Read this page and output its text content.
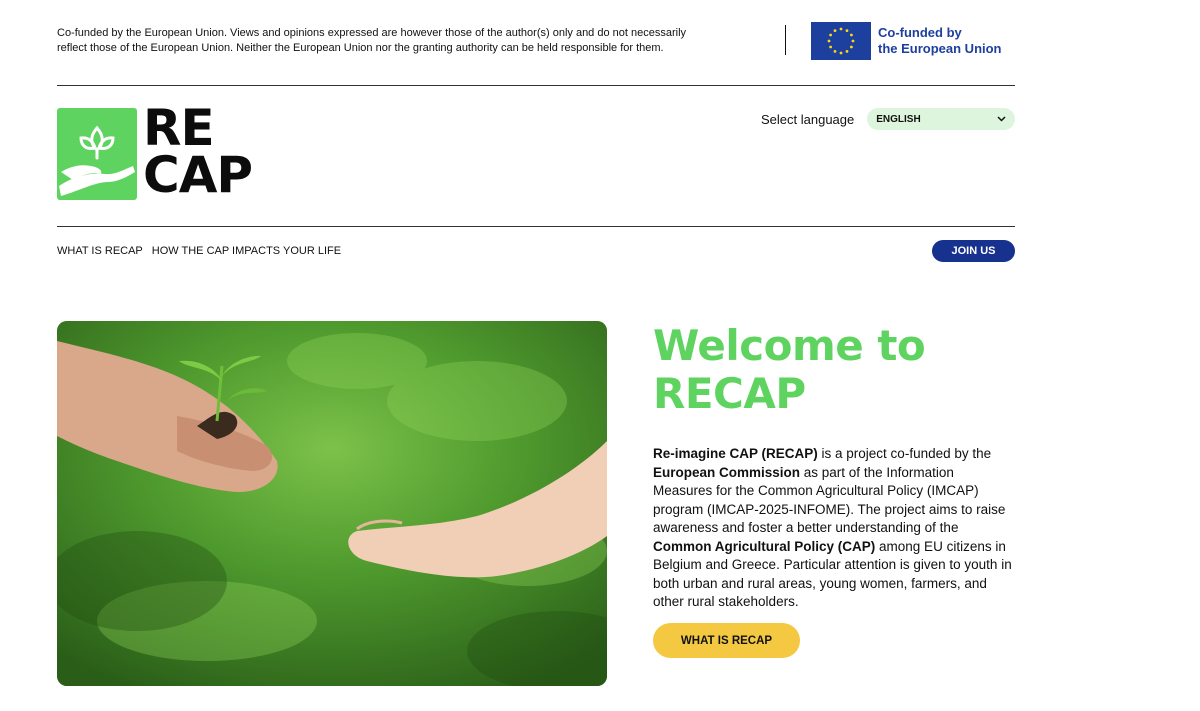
Co-funded by the European Union. Views and opinions expressed are however those of the author(s) only and do not necessarily
reflect those of the European Union. Neither the European Union nor the granting authority can be held responsible for them.
Co-funded by
the European Union
RE
CAP
Select language ENGLISH
WHAT IS RECAP HOW THE CAP IMPACTS YOUR LIFE	JOIN US
Welcome to
RECAP

Re-imagine CAP (RECAP) is a project co-funded by the European Commission as part of the Information Measures for the Common Agricultural Policy (IMCAP) program (IMCAP-2025-INFOME). The project aims to raise awareness and foster a better understanding of the Common Agricultural Policy (CAP) among EU citizens in Belgium and Greece. Particular attention is given to youth in both urban and rural areas, young women, farmers, and other rural stakeholders.

WHAT IS RECAP
